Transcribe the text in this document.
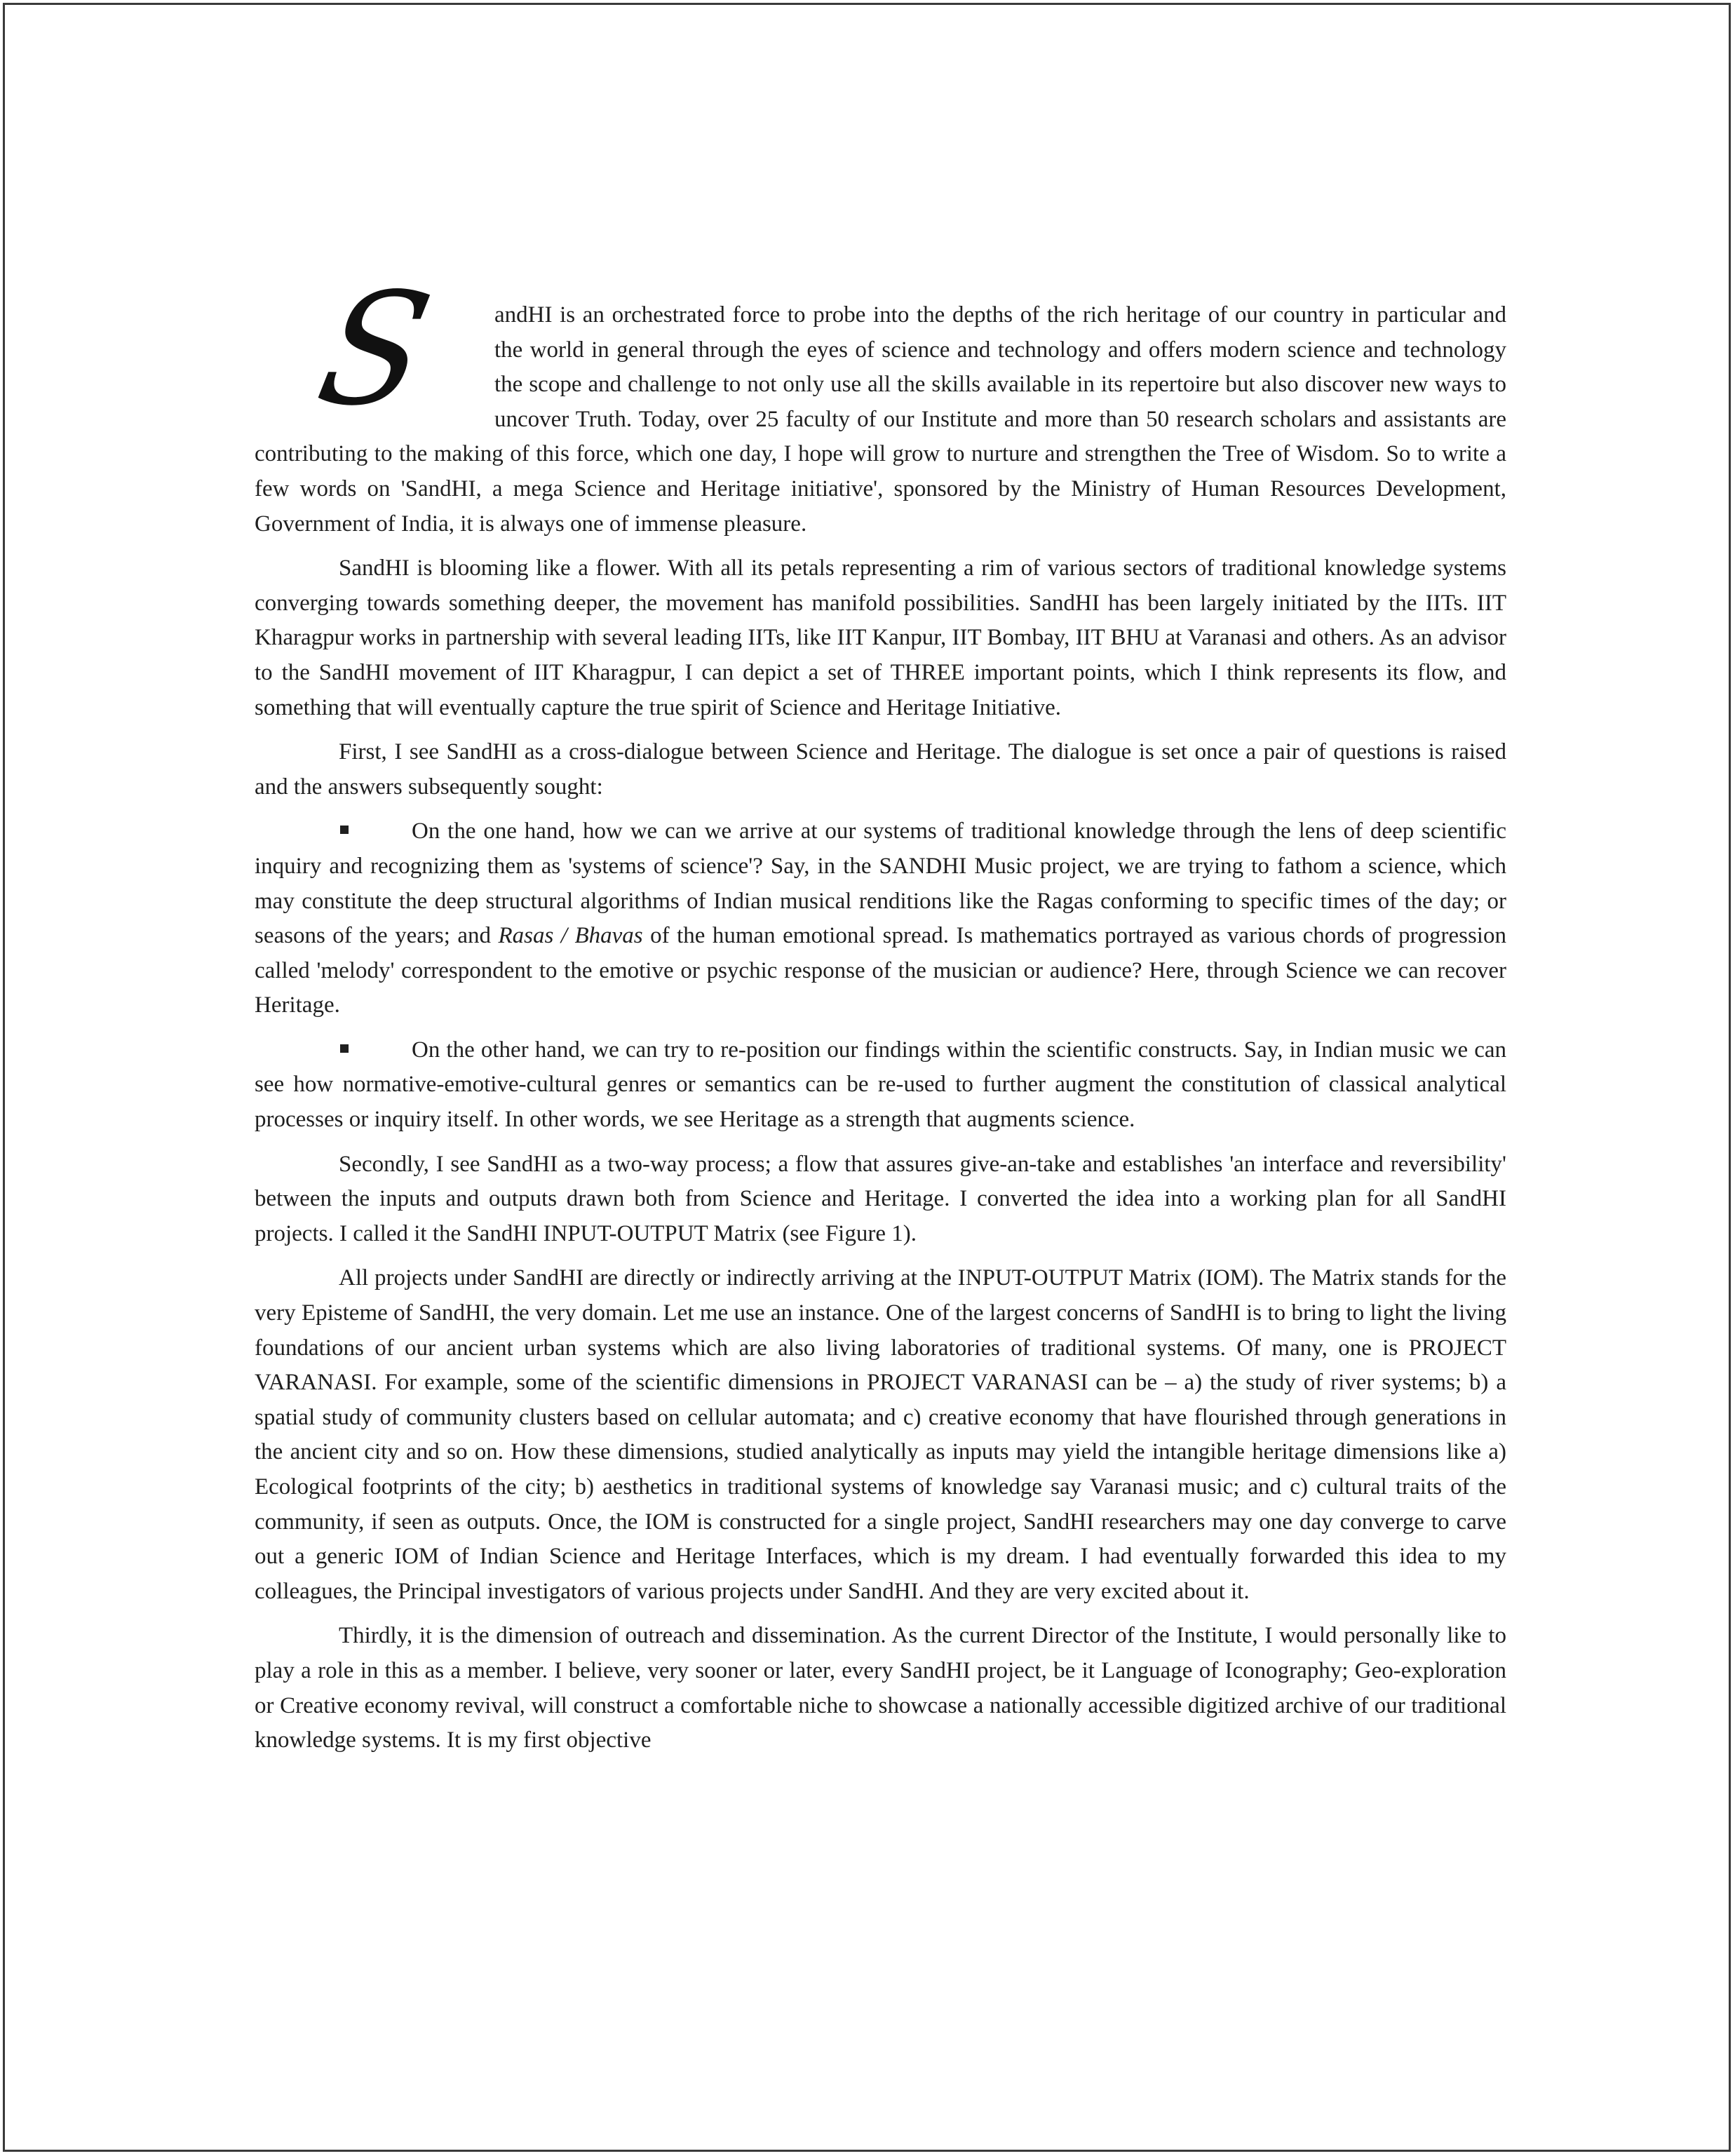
S	andHI is an orchestrated force to probe into the depths of the rich heritage of our country in particular and the world in general through the eyes of science and technology and offers modern science and technology the scope and challenge to not only use all the skills available in its repertoire but also discover new ways to uncover Truth. Today, over 25 faculty of our Institute and more than 50 research scholars and assistants are contributing to the making of this force, which one day, I hope will grow to nurture and strengthen the Tree of Wisdom. So to write a few words on 'SandHI, a mega Science and Heritage initiative', sponsored by the Ministry of Human Resources Development, Government of India, it is always one of immense pleasure.

SandHI is blooming like a flower. With all its petals representing a rim of various sectors of traditional knowledge systems converging towards something deeper, the movement has manifold possibilities. SandHI has been largely initiated by the IITs. IIT Kharagpur works in partnership with several leading IITs, like IIT Kanpur, IIT Bombay, IIT BHU at Varanasi and others. As an advisor to the SandHI movement of IIT Kharagpur, I can depict a set of THREE important points, which I think represents its flow, and something that will eventually capture the true spirit of Science and Heritage Initiative.

First, I see SandHI as a cross-dialogue between Science and Heritage. The dialogue is set once a pair of questions is raised and the answers subsequently sought:

On the one hand, how we can we arrive at our systems of traditional knowledge through the lens of deep scientific inquiry and recognizing them as 'systems of science'? Say, in the SANDHI Music project, we are trying to fathom a science, which may constitute the deep structural algorithms of Indian musical renditions like the Ragas conforming to specific times of the day; or seasons of the years; and Rasas / Bhavas of the human emotional spread. Is mathematics portrayed as various chords of progression called 'melody' correspondent to the emotive or psychic response of the musician or audience? Here, through Science we can recover Heritage.

On the other hand, we can try to re-position our findings within the scientific constructs. Say, in Indian music we can see how normative-emotive-cultural genres or semantics can be re-used to further augment the constitution of classical analytical processes or inquiry itself. In other words, we see Heritage as a strength that augments science.

Secondly, I see SandHI as a two-way process; a flow that assures give-an-take and establishes 'an interface and reversibility' between the inputs and outputs drawn both from Science and Heritage. I converted the idea into a working plan for all SandHI projects. I called it the SandHI INPUT-OUTPUT Matrix (see Figure 1).

All projects under SandHI are directly or indirectly arriving at the INPUT-OUTPUT Matrix (IOM). The Matrix stands for the very Episteme of SandHI, the very domain. Let me use an instance. One of the largest concerns of SandHI is to bring to light the living foundations of our ancient urban systems which are also living laboratories of traditional systems. Of many, one is PROJECT VARANASI. For example, some of the scientific dimensions in PROJECT VARANASI can be – a) the study of river systems; b) a spatial study of community clusters based on cellular automata; and c) creative economy that have flourished through generations in the ancient city and so on. How these dimensions, studied analytically as inputs may yield the intangible heritage dimensions like a) Ecological footprints of the city; b) aesthetics in traditional systems of knowledge say Varanasi music; and c) cultural traits of the community, if seen as outputs. Once, the IOM is constructed for a single project, SandHI researchers may one day converge to carve out a generic IOM of Indian Science and Heritage Interfaces, which is my dream. I had eventually forwarded this idea to my colleagues, the Principal investigators of various projects under SandHI. And they are very excited about it.

Thirdly, it is the dimension of outreach and dissemination. As the current Director of the Institute, I would personally like to play a role in this as a member. I believe, very sooner or later, every SandHI project, be it Language of Iconography; Geo-exploration or Creative economy revival, will construct a comfortable niche to showcase a nationally accessible digitized archive of our traditional knowledge systems. It is my first objective
